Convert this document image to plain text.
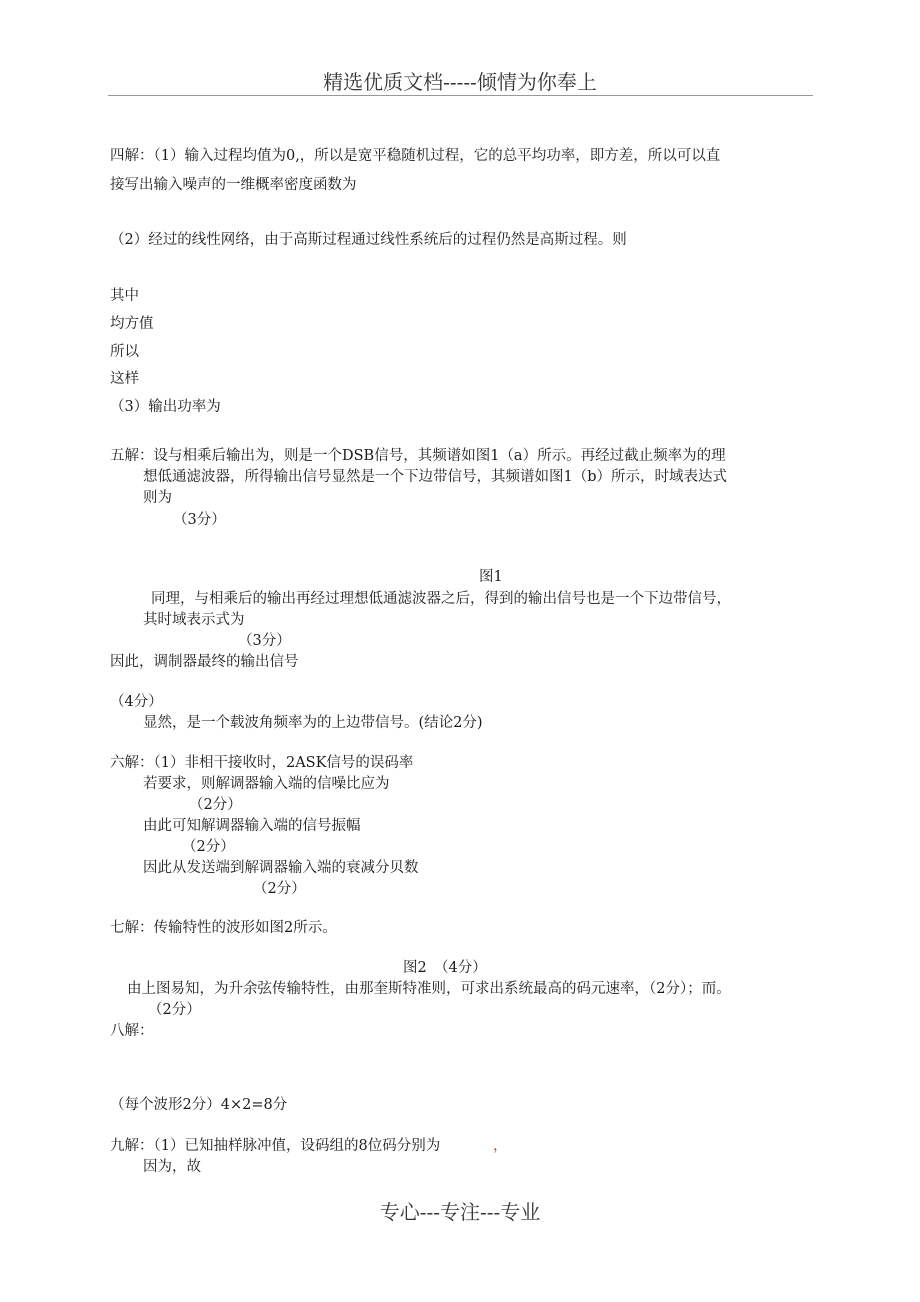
精选优质文档-----倾情为你奉上
四解：（1）输入过程均值为0,，所以是宽平稳随机过程，它的总平均功率，即方差，所以可以直
接写出输入噪声的一维概率密度函数为
（2）经过的线性网络，由于高斯过程通过线性系统后的过程仍然是高斯过程。则
其中
均方值
所以
这样
（3）输出功率为
五解：设与相乘后输出为，则是一个DSB信号，其频谱如图1（a）所示。再经过截止频率为的理
想低通滤波器，所得输出信号显然是一个下边带信号，其频谱如图1（b）所示，时域表达式
则为
（3分）
图1
同理，与相乘后的输出再经过理想低通滤波器之后，得到的输出信号也是一个下边带信号，
其时域表示式为
（3分）
因此，调制器最终的输出信号
（4分）
显然，是一个载波角频率为的上边带信号。(结论2分)
六解：（1）非相干接收时，2ASK信号的误码率
若要求，则解调器输入端的信噪比应为
（2分）
由此可知解调器输入端的信号振幅
（2分）
因此从发送端到解调器输入端的衰减分贝数
（2分）
七解：传输特性的波形如图2所示。
图2　（4分）
由上图易知，为升余弦传输特性，由那奎斯特准则，可求出系统最高的码元速率，（2分）；而。
（2分）
八解：
（每个波形2分）4×2=8分
九解：（1）已知抽样脉冲值，设码组的8位码分别为	，
因为，故
专心---专注---专业
